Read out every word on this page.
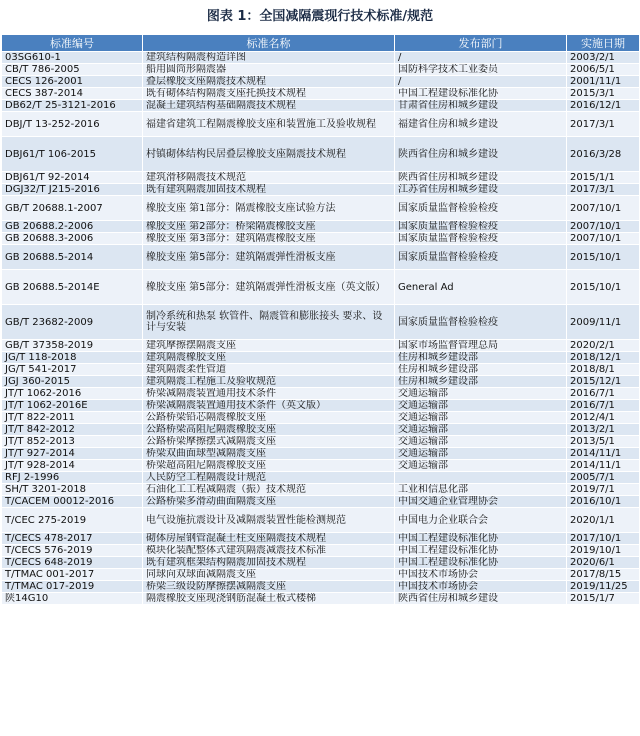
图表 1：全国减隔震现行技术标准/规范
标准编号	标准名称	发布部门	实施日期
03SG610-1	建筑结构隔震构造详图	/	2003/2/1
CB/T 786-2005	船用圆筒形隔震器	国防科学技术工业委员	2006/5/1
CECS 126-2001	叠层橡胶支座隔震技术规程	/	2001/11/1
CECS 387-2014	既有砌体结构隔震支座托换技术规程	中国工程建设标准化协	2015/3/1
DB62/T 25-3121-2016	混凝土建筑结构基础隔震技术规程	甘肃省住房和城乡建设	2016/12/1
DBJ/T 13-252-2016	福建省建筑工程隔震橡胶支座和装置施工及验收规程	福建省住房和城乡建设	2017/3/1
DBJ61/T 106-2015	村镇砌体结构民居叠层橡胶支座隔震技术规程	陕西省住房和城乡建设	2016/3/28
DBJ61/T 92-2014	建筑滑移隔震技术规范	陕西省住房和城乡建设	2015/1/1
DGJ32/T J215-2016	既有建筑隔震加固技术规程	江苏省住房和城乡建设	2017/3/1
GB/T 20688.1-2007	橡胶支座 第1部分：隔震橡胶支座试验方法	国家质量监督检验检疫	2007/10/1
GB 20688.2-2006	橡胶支座 第2部分：桥梁隔震橡胶支座	国家质量监督检验检疫	2007/10/1
GB 20688.3-2006	橡胶支座 第3部分：建筑隔震橡胶支座	国家质量监督检验检疫	2007/10/1
GB 20688.5-2014	橡胶支座 第5部分：建筑隔震弹性滑板支座	国家质量监督检验检疫	2015/10/1
GB 20688.5-2014E	橡胶支座 第5部分：建筑隔震弹性滑板支座（英文版）	General Ad	2015/10/1
GB/T 23682-2009	制冷系统和热泵 软管件、隔震管和膨胀接头 要求、设计与安装	国家质量监督检验检疫	2009/11/1
GB/T 37358-2019	建筑摩擦摆隔震支座	国家市场监督管理总局	2020/2/1
JG/T 118-2018	建筑隔震橡胶支座	住房和城乡建设部	2018/12/1
JG/T 541-2017	建筑隔震柔性管道	住房和城乡建设部	2018/8/1
JGJ 360-2015	建筑隔震工程施工及验收规范	住房和城乡建设部	2015/12/1
JT/T 1062-2016	桥梁减隔震装置通用技术条件	交通运输部	2016/7/1
JT/T 1062-2016E	桥梁减隔震装置通用技术条件（英文版）	交通运输部	2016/7/1
JT/T 822-2011	公路桥梁铅芯隔震橡胶支座	交通运输部	2012/4/1
JT/T 842-2012	公路桥梁高阻尼隔震橡胶支座	交通运输部	2013/2/1
JT/T 852-2013	公路桥梁摩擦摆式减隔震支座	交通运输部	2013/5/1
JT/T 927-2014	桥梁双曲面球型减隔震支座	交通运输部	2014/11/1
JT/T 928-2014	桥梁超高阻尼隔震橡胶支座	交通运输部	2014/11/1
RFJ 2-1996	人民防空工程隔震设计规范		2005/7/1
SH/T 3201-2018	石油化工工程减隔震（振）技术规范	工业和信息化部	2019/7/1
T/CACEM 00012-2016	公路桥梁多滑动曲面隔震支座	中国交通企业管理协会	2016/10/1
T/CEC 275-2019	电气设施抗震设计及减隔震装置性能检测规范	中国电力企业联合会	2020/1/1
T/CECS 478-2017	砌体房屋钢管混凝土柱支座隔震技术规程	中国工程建设标准化协	2017/10/1
T/CECS 576-2019	模块化装配整体式建筑隔震减震技术标准	中国工程建设标准化协	2019/10/1
T/CECS 648-2019	既有建筑框架结构隔震加固技术规程	中国工程建设标准化协	2020/6/1
T/TMAC 001-2017	同球向双球面减隔震支座	中国技术市场协会	2017/8/15
T/TMAC 017-2019	桥梁三级设防摩擦摆减隔震支座	中国技术市场协会	2019/11/25
陕14G10	隔震橡胶支座现浇钢筋混凝土板式楼梯	陕西省住房和城乡建设	2015/1/7
